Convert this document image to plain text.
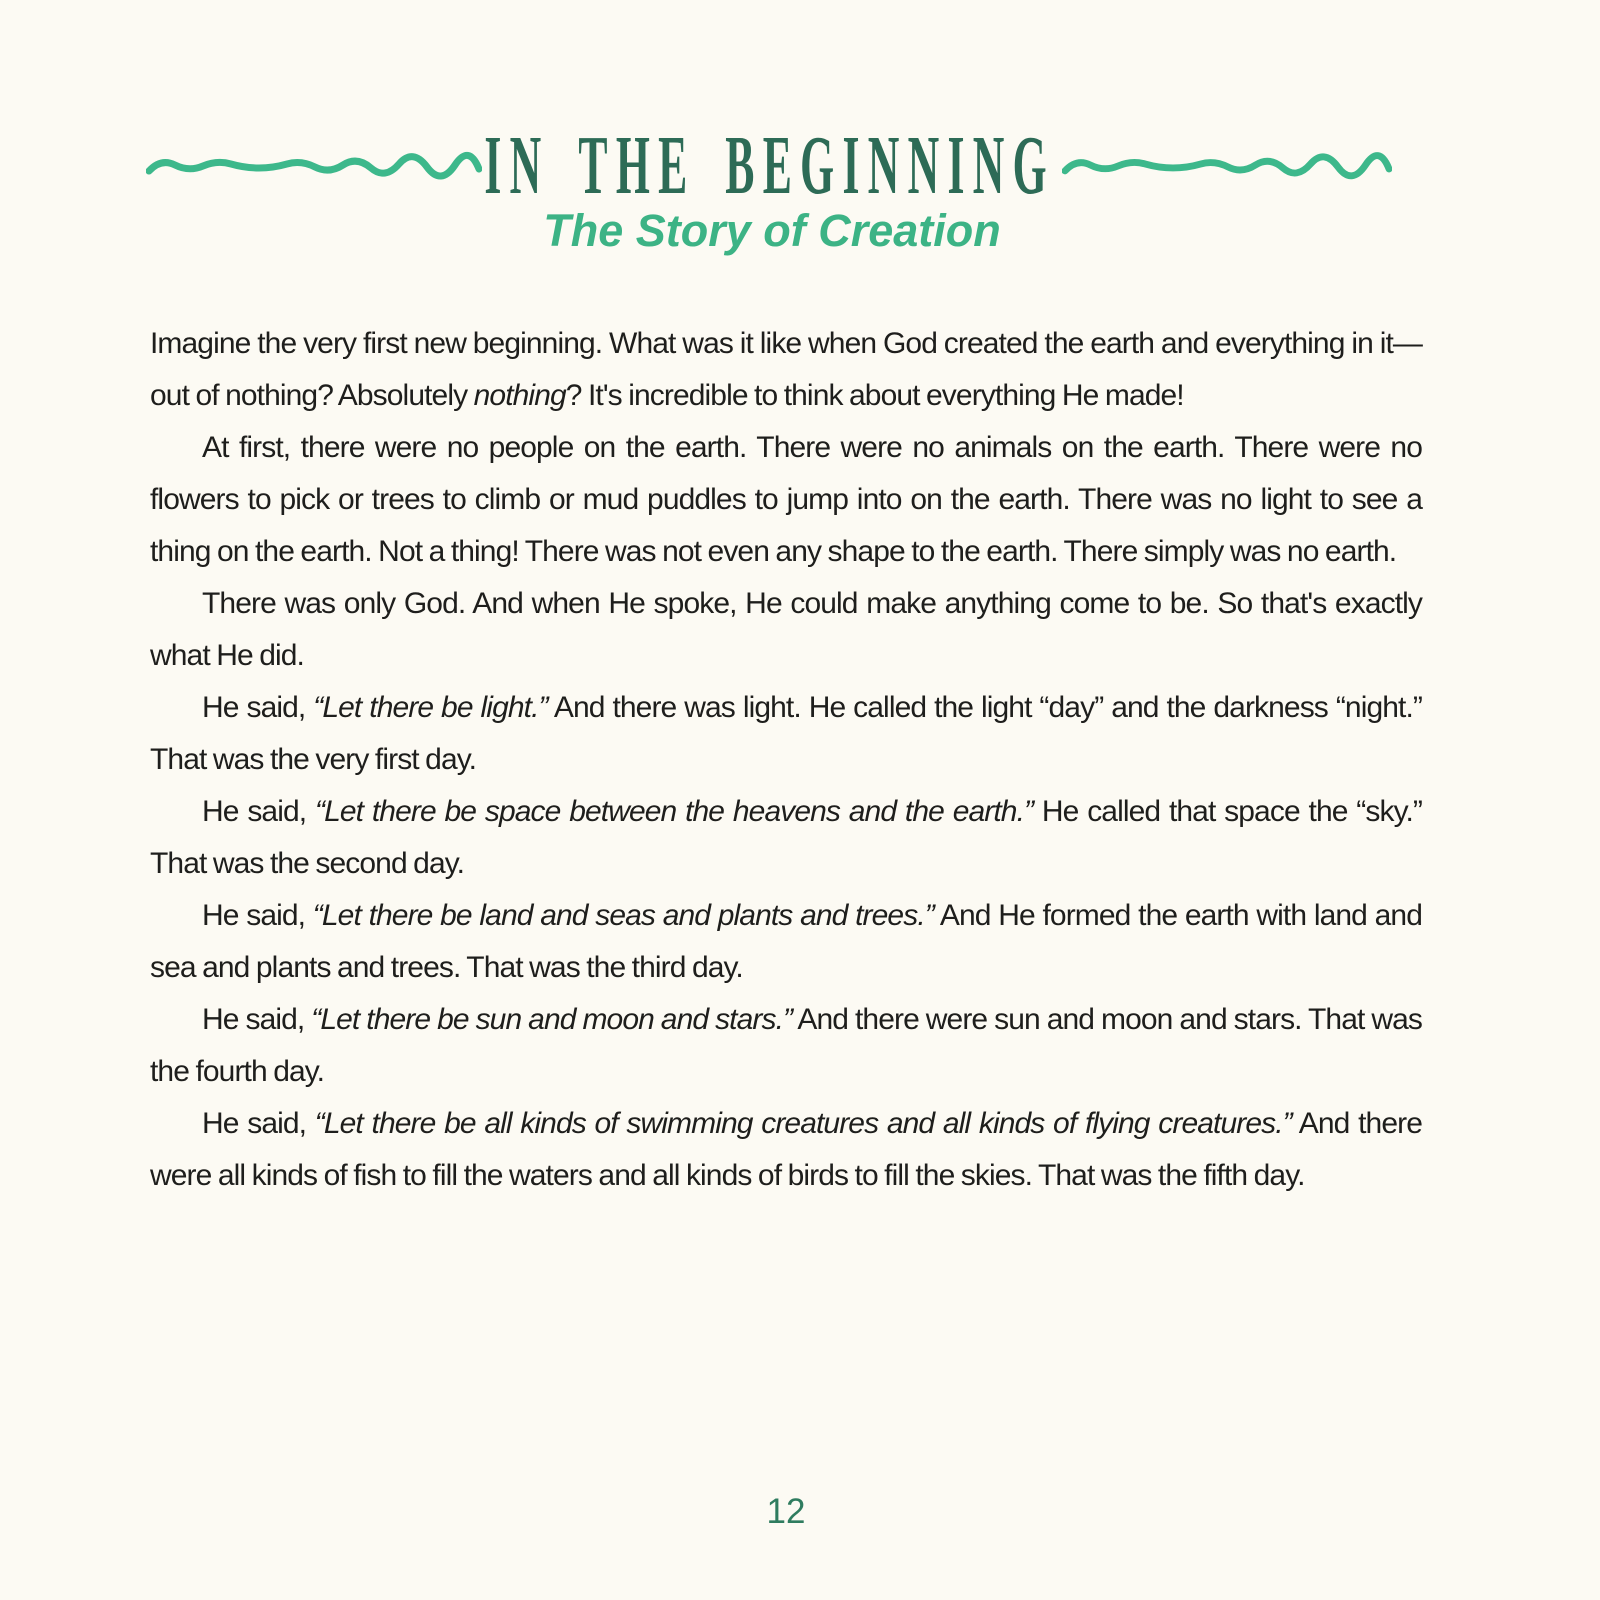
IN THE BEGINNING
The Story of Creation

Imagine the very first new beginning. What was it like when God created the earth and everything in it—out of nothing? Absolutely nothing? It's incredible to think about everything He made!

At first, there were no people on the earth. There were no animals on the earth. There were no flowers to pick or trees to climb or mud puddles to jump into on the earth. There was no light to see a thing on the earth. Not a thing! There was not even any shape to the earth. There simply was no earth.

There was only God. And when He spoke, He could make anything come to be. So that's exactly what He did.

He said, “Let there be light.” And there was light. He called the light “day” and the darkness “night.” That was the very first day.

He said, “Let there be space between the heavens and the earth.” He called that space the “sky.” That was the second day.

He said, “Let there be land and seas and plants and trees.” And He formed the earth with land and sea and plants and trees. That was the third day.

He said, “Let there be sun and moon and stars.” And there were sun and moon and stars. That was the fourth day.

He said, “Let there be all kinds of swimming creatures and all kinds of flying creatures.” And there were all kinds of fish to fill the waters and all kinds of birds to fill the skies. That was the fifth day.

12
